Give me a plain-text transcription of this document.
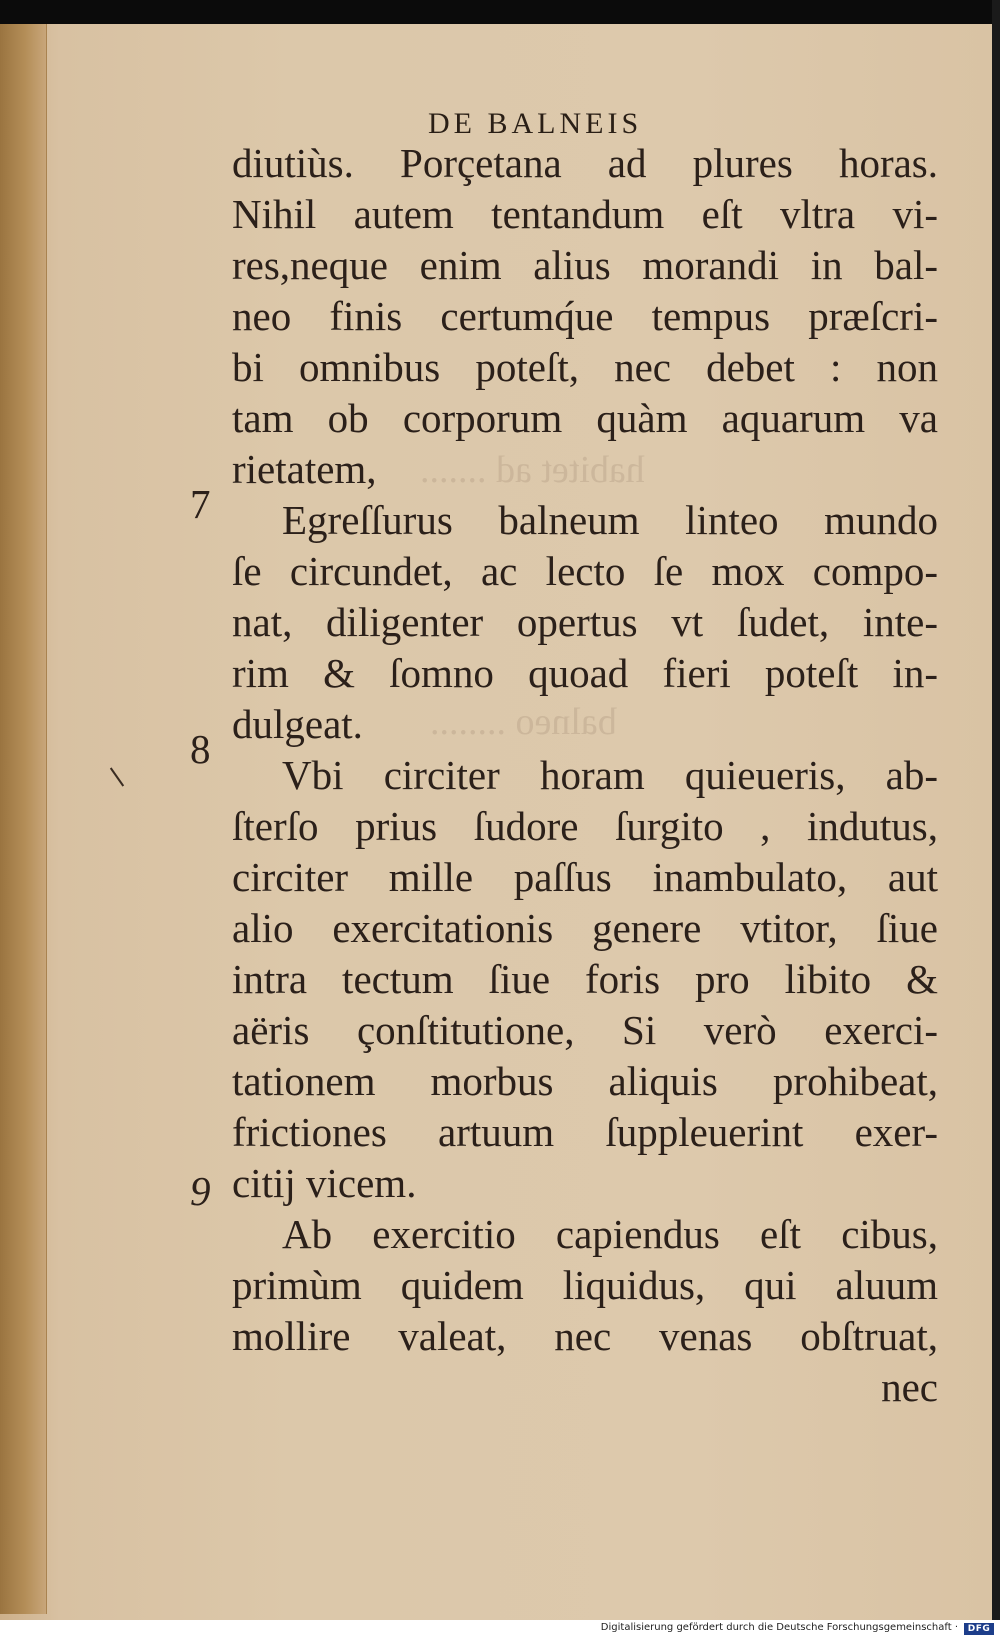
habitet ad .......
balneo ........
DE BALNEIS
7
8
9
diutiùs. Porçetana ad plures horas.
Nihil autem tentandum eſt vltra vi-
res,neque enim alius morandi in bal-
neo finis certumq́ue tempus præſcri-
bi omnibus poteſt, nec debet : non
tam ob corporum quàm aquarum va
rietatem,
Egreſſurus balneum linteo mundo
ſe circundet, ac lecto ſe mox compo-
nat, diligenter opertus vt ſudet, inte-
rim & ſomno quoad fieri poteſt in-
dulgeat.
Vbi circiter horam quieueris, ab-
ſterſo prius ſudore ſurgito , indutus,
circiter mille paſſus inambulato, aut
alio exercitationis genere vtitor, ſiue
intra tectum ſiue foris pro libito &
aëris çonſtitutione, Si verò exerci-
tationem morbus aliquis prohibeat,
frictiones artuum ſuppleuerint exer-
citij vicem.
Ab exercitio capiendus eſt cibus,
primùm quidem liquidus, qui aluum
mollire valeat, nec venas obſtruat,
nec
Digitalisierung gefördert durch die Deutsche Forschungsgemeinschaft ·	DFG
